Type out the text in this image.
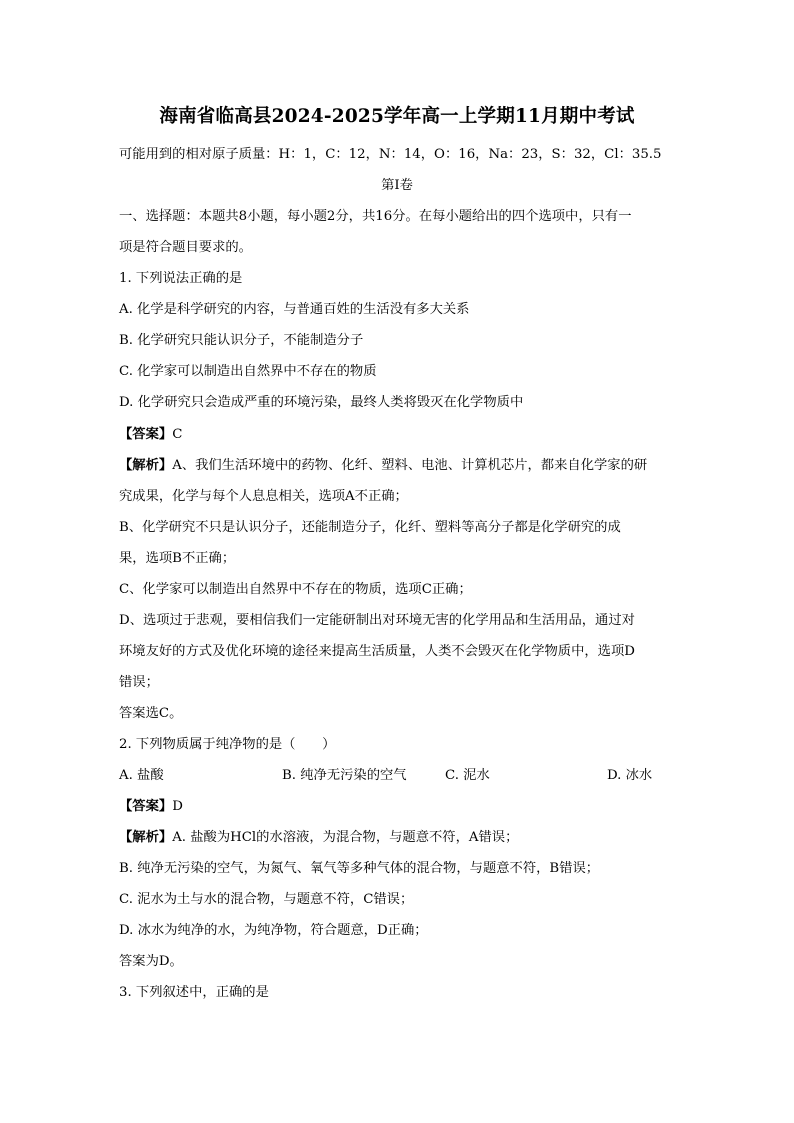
海南省临高县2024-2025学年高一上学期11月期中考试
可能用到的相对原子质量：H：1，C：12，N：14，O：16，Na：23，S：32，Cl：35.5
第I卷
一、选择题：本题共8小题，每小题2分，共16分。在每小题给出的四个选项中，只有一
项是符合题目要求的。
1. 下列说法正确的是
A. 化学是科学研究的内容，与普通百姓的生活没有多大关系
B. 化学研究只能认识分子，不能制造分子
C. 化学家可以制造出自然界中不存在的物质
D. 化学研究只会造成严重的环境污染，最终人类将毁灭在化学物质中
【答案】C
【解析】A、我们生活环境中的药物、化纤、塑料、电池、计算机芯片，都来自化学家的研
究成果，化学与每个人息息相关，选项A不正确；
B、化学研究不只是认识分子，还能制造分子，化纤、塑料等高分子都是化学研究的成
果，选项B不正确；
C、化学家可以制造出自然界中不存在的物质，选项C正确；
D、选项过于悲观，要相信我们一定能研制出对环境无害的化学用品和生活用品，通过对
环境友好的方式及优化环境的途径来提高生活质量，人类不会毁灭在化学物质中，选项D
错误；
答案选C。
2. 下列物质属于纯净物的是（　　）
A. 盐酸	B. 纯净无污染的空气	C. 泥水	D. 冰水
【答案】D
【解析】A. 盐酸为HCl的水溶液，为混合物，与题意不符，A错误；
B. 纯净无污染的空气，为氮气、氧气等多种气体的混合物，与题意不符，B错误；
C. 泥水为土与水的混合物，与题意不符，C错误；
D. 冰水为纯净的水，为纯净物，符合题意，D正确；
答案为D。
3. 下列叙述中，正确的是
